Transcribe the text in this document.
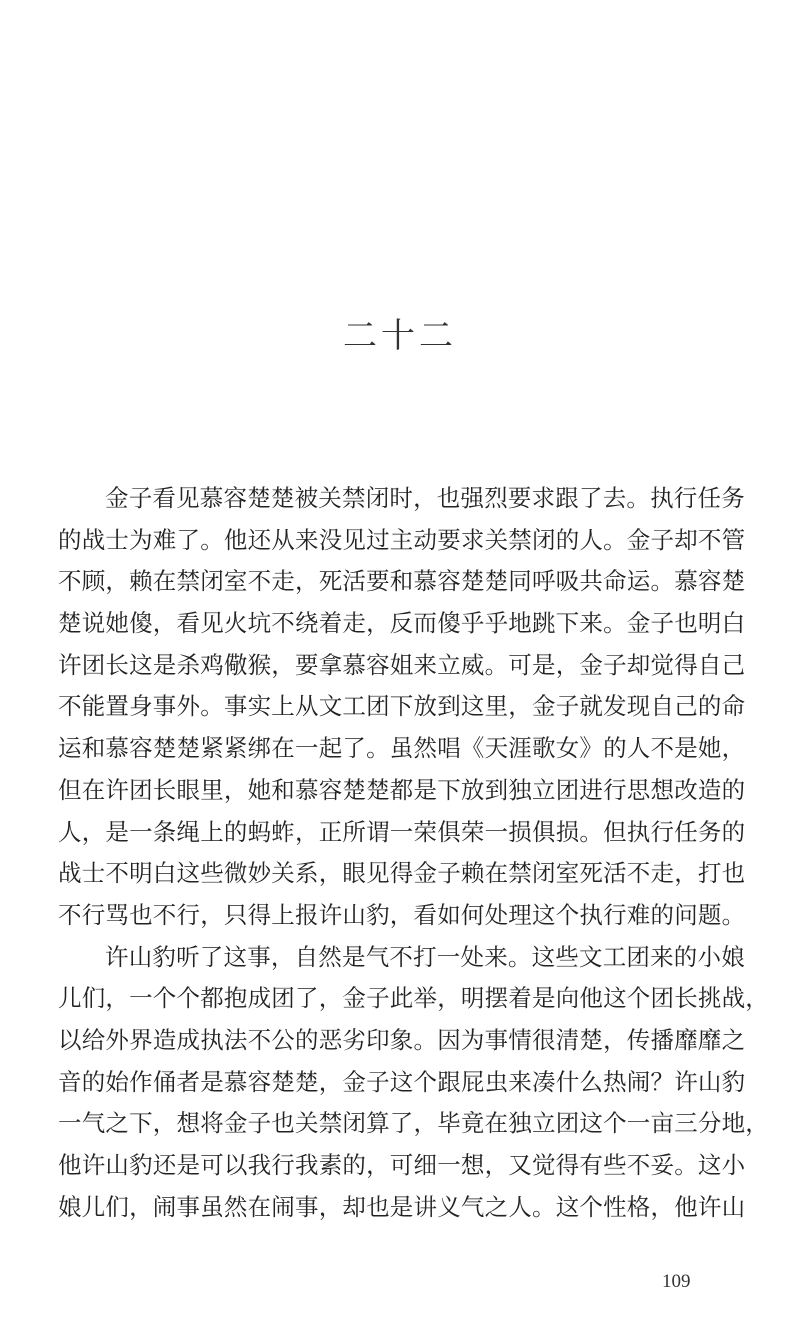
二十二
金子看见慕容楚楚被关禁闭时，也强烈要求跟了去。执行任务
的战士为难了。他还从来没见过主动要求关禁闭的人。金子却不管
不顾，赖在禁闭室不走，死活要和慕容楚楚同呼吸共命运。慕容楚
楚说她傻，看见火坑不绕着走，反而傻乎乎地跳下来。金子也明白
许团长这是杀鸡儆猴，要拿慕容姐来立威。可是，金子却觉得自己
不能置身事外。事实上从文工团下放到这里，金子就发现自己的命
运和慕容楚楚紧紧绑在一起了。虽然唱《天涯歌女》的人不是她，
但在许团长眼里，她和慕容楚楚都是下放到独立团进行思想改造的
人，是一条绳上的蚂蚱，正所谓一荣俱荣一损俱损。但执行任务的
战士不明白这些微妙关系，眼见得金子赖在禁闭室死活不走，打也
不行骂也不行，只得上报许山豹，看如何处理这个执行难的问题。
许山豹听了这事，自然是气不打一处来。这些文工团来的小娘
儿们，一个个都抱成团了，金子此举，明摆着是向他这个团长挑战，
以给外界造成执法不公的恶劣印象。因为事情很清楚，传播靡靡之
音的始作俑者是慕容楚楚，金子这个跟屁虫来凑什么热闹？许山豹
一气之下，想将金子也关禁闭算了，毕竟在独立团这个一亩三分地，
他许山豹还是可以我行我素的，可细一想，又觉得有些不妥。这小
娘儿们，闹事虽然在闹事，却也是讲义气之人。这个性格，他许山
109
